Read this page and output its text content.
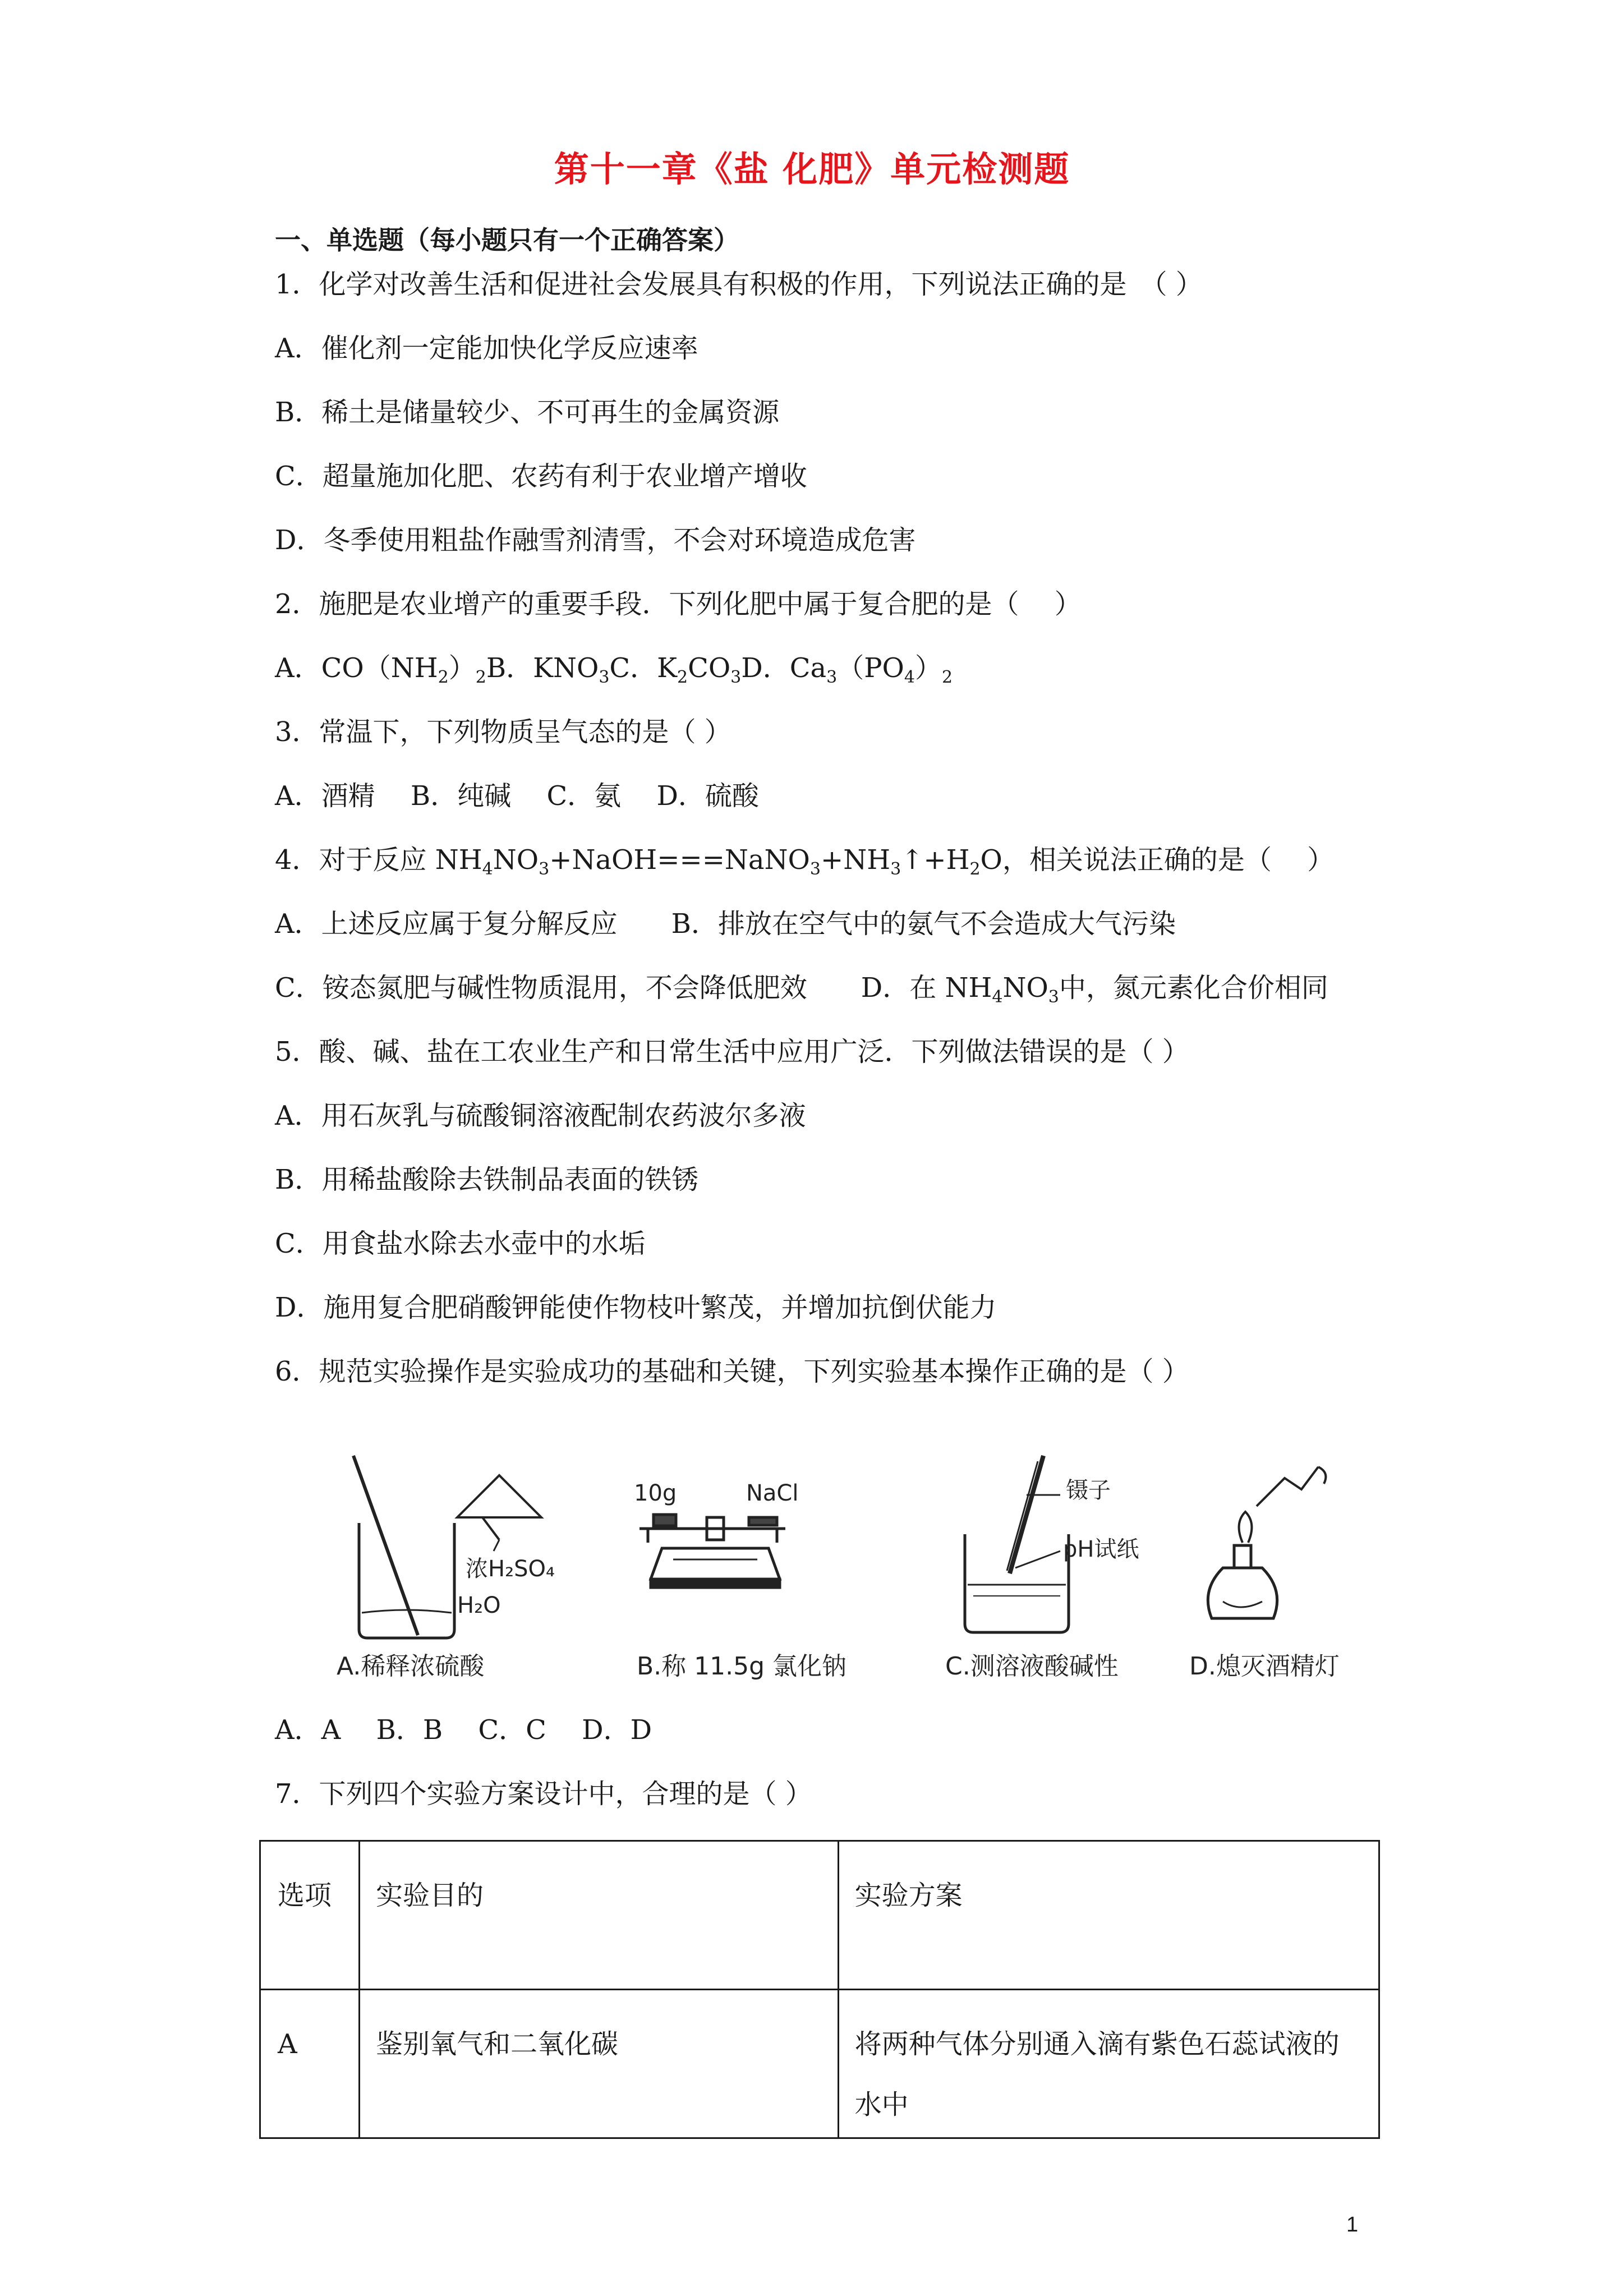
第十一章《盐 化肥》单元检测题
一、单选题（每小题只有一个正确答案）
1．化学对改善生活和促进社会发展具有积极的作用，下列说法正确的是　（ ）
A．催化剂一定能加快化学反应速率
B．稀土是储量较少、不可再生的金属资源
C．超量施加化肥、农药有利于农业增产增收
D．冬季使用粗盐作融雪剂清雪，不会对环境造成危害
2．施肥是农业增产的重要手段．下列化肥中属于复合肥的是（　 ）
A．$CO(NH_2)_2B$．$KNO_3C$．$K_2CO_3D$．$Ca_3(PO_4)_2$
3．常温下，下列物质呈气态的是（ ）
A．酒精　 B．纯碱　 C．氨　 D．硫酸
4．对于反应 $NH_4NO_3+NaOH===NaNO_3+NH_3↑+H_2O$，相关说法正确的是（　 ）
A．上述反应属于复分解反应　　B．排放在空气中的氨气不会造成大气污染
C．铵态氮肥与碱性物质混用，不会降低肥效　　D．在 $NH_4NO_3$中，氮元素化合价相同
5．酸、碱、盐在工农业生产和日常生活中应用广泛．下列做法错误的是（ ）
A．用石灰乳与硫酸铜溶液配制农药波尔多液
B．用稀盐酸除去铁制品表面的铁锈
C．用食盐水除去水壶中的水垢
D．施用复合肥硝酸钾能使作物枝叶繁茂，并增加抗倒伏能力
6．规范实验操作是实验成功的基础和关键，下列实验基本操作正确的是（ ）
浓H₂SO₄
H₂O
A.稀释浓硫酸
10g	NaCl
B.称 11.5g 氯化钠
镊子
pH试纸
C.测溶液酸碱性	D.熄灭酒精灯
A．A　 B．B　 C．C　 D．D
7．下列四个实验方案设计中，合理的是（ ）
选项	实验目的	实验方案
A	鉴别氧气和二氧化碳	将两种气体分别通入滴有紫色石蕊试液的水中
1
